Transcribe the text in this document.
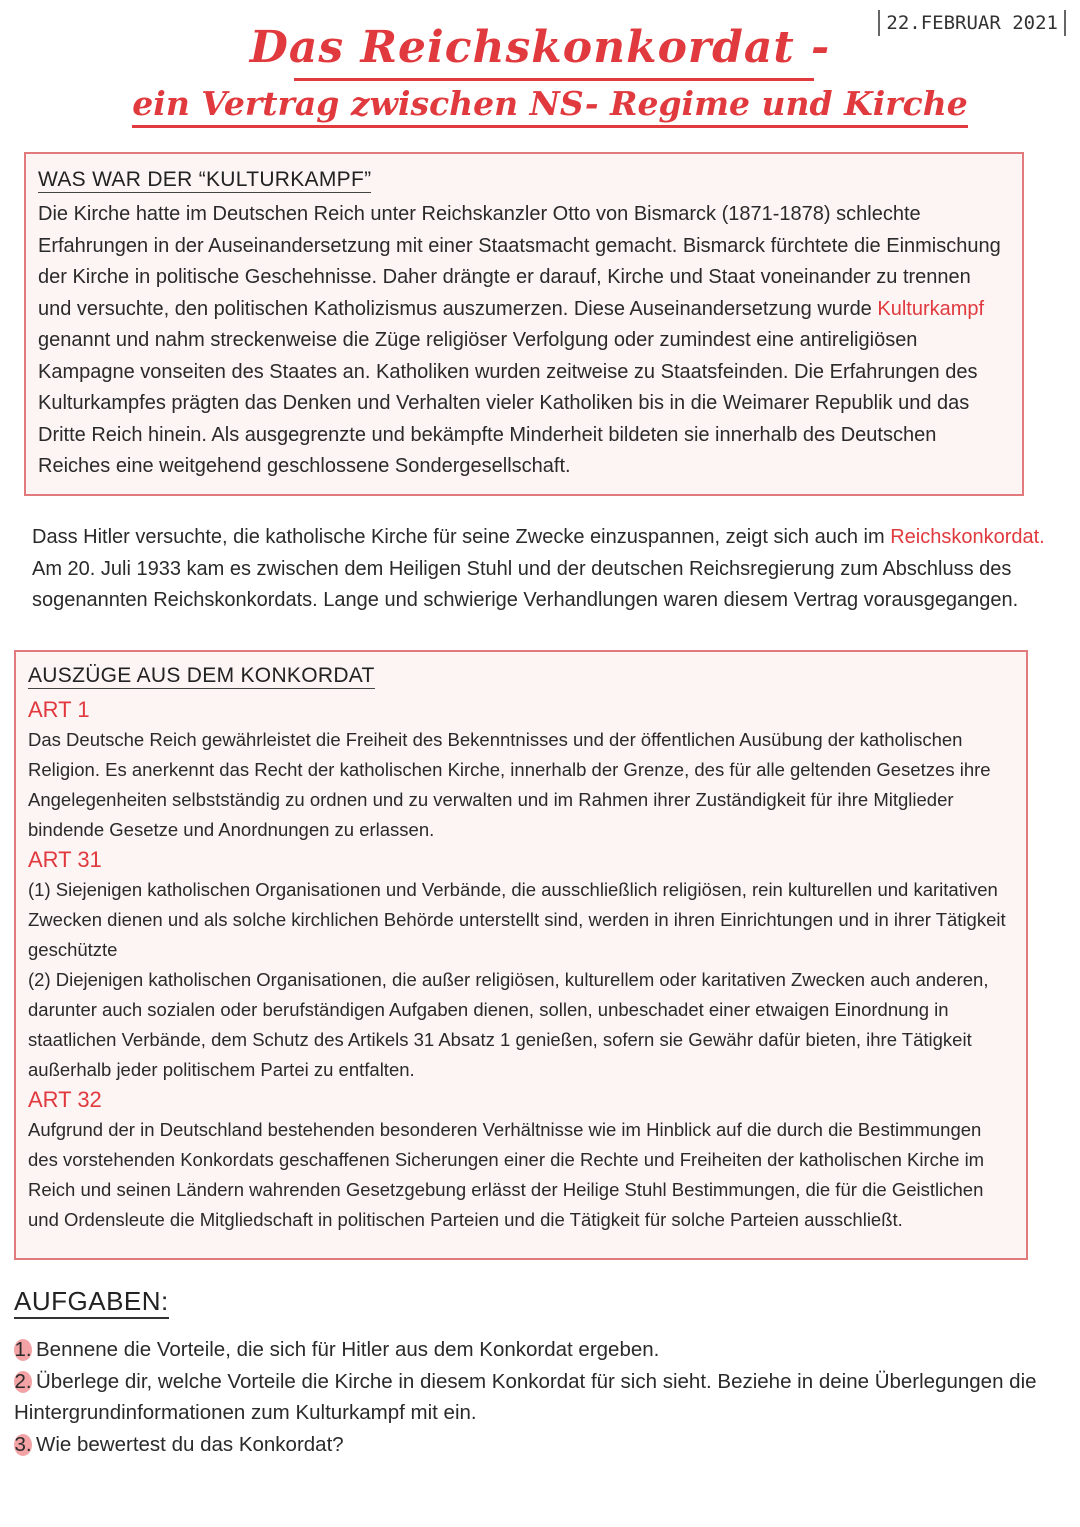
Das Reichskonkordat -
ein Vertrag zwischen NS- Regime und Kirche
22.FEBRUAR 2021
WAS WAR DER “KULTURKAMPF”

Die Kirche hatte im Deutschen Reich unter Reichskanzler Otto von Bismarck (1871-1878) schlechte Erfahrungen in der Auseinandersetzung mit einer Staatsmacht gemacht. Bismarck fürchtete die Einmischung der Kirche in politische Geschehnisse. Daher drängte er darauf, Kirche und Staat voneinander zu trennen und versuchte, den politischen Katholizismus auszumerzen. Diese Auseinandersetzung wurde Kulturkampf genannt und nahm streckenweise die Züge religiöser Verfolgung oder zumindest eine antireligiösen Kampagne vonseiten des Staates an. Katholiken wurden zeitweise zu Staatsfeinden. Die Erfahrungen des Kulturkampfes prägten das Denken und Verhalten vieler Katholiken bis in die Weimarer Republik und das Dritte Reich hinein. Als ausgegrenzte und bekämpfte Minderheit bildeten sie innerhalb des Deutschen Reiches eine weitgehend geschlossene Sondergesellschaft.

Dass Hitler versuchte, die katholische Kirche für seine Zwecke einzuspannen, zeigt sich auch im Reichskonkordat. Am 20. Juli 1933 kam es zwischen dem Heiligen Stuhl und der deutschen Reichsregierung zum Abschluss des sogenannten Reichskonkordats. Lange und schwierige Verhandlungen waren diesem Vertrag vorausgegangen.

AUSZÜGE AUS DEM KONKORDAT

ART 1

Das Deutsche Reich gewährleistet die Freiheit des Bekenntnisses und der öffentlichen Ausübung der katholischen Religion. Es anerkennt das Recht der katholischen Kirche, innerhalb der Grenze, des für alle geltenden Gesetzes ihre Angelegenheiten selbstständig zu ordnen und zu verwalten und im Rahmen ihrer Zuständigkeit für ihre Mitglieder bindende Gesetze und Anordnungen zu erlassen.

ART 31

(1) Siejenigen katholischen Organisationen und Verbände, die ausschließlich religiösen, rein kulturellen und karitativen Zwecken dienen und als solche kirchlichen Behörde unterstellt sind, werden in ihren Einrichtungen und in ihrer Tätigkeit geschützte

(2) Diejenigen katholischen Organisationen, die außer religiösen, kulturellem oder karitativen Zwecken auch anderen, darunter auch sozialen oder berufständigen Aufgaben dienen, sollen, unbeschadet einer etwaigen Einordnung in staatlichen Verbände, dem Schutz des Artikels 31 Absatz 1 genießen, sofern sie Gewähr dafür bieten, ihre Tätigkeit außerhalb jeder politischem Partei zu entfalten.

ART 32

Aufgrund der in Deutschland bestehenden besonderen Verhältnisse wie im Hinblick auf die durch die Bestimmungen des vorstehenden Konkordats geschaffenen Sicherungen einer die Rechte und Freiheiten der katholischen Kirche im Reich und seinen Ländern wahrenden Gesetzgebung erlässt der Heilige Stuhl Bestimmungen, die für die Geistlichen und Ordensleute die Mitgliedschaft in politischen Parteien und die Tätigkeit für solche Parteien ausschließt.

AUFGABEN:

1. Bennene die Vorteile, die sich für Hitler aus dem Konkordat ergeben.

2. Überlege dir, welche Vorteile die Kirche in diesem Konkordat für sich sieht. Beziehe in deine Überlegungen die Hintergrundinformationen zum Kulturkampf mit ein.

3. Wie bewertest du das Konkordat?
